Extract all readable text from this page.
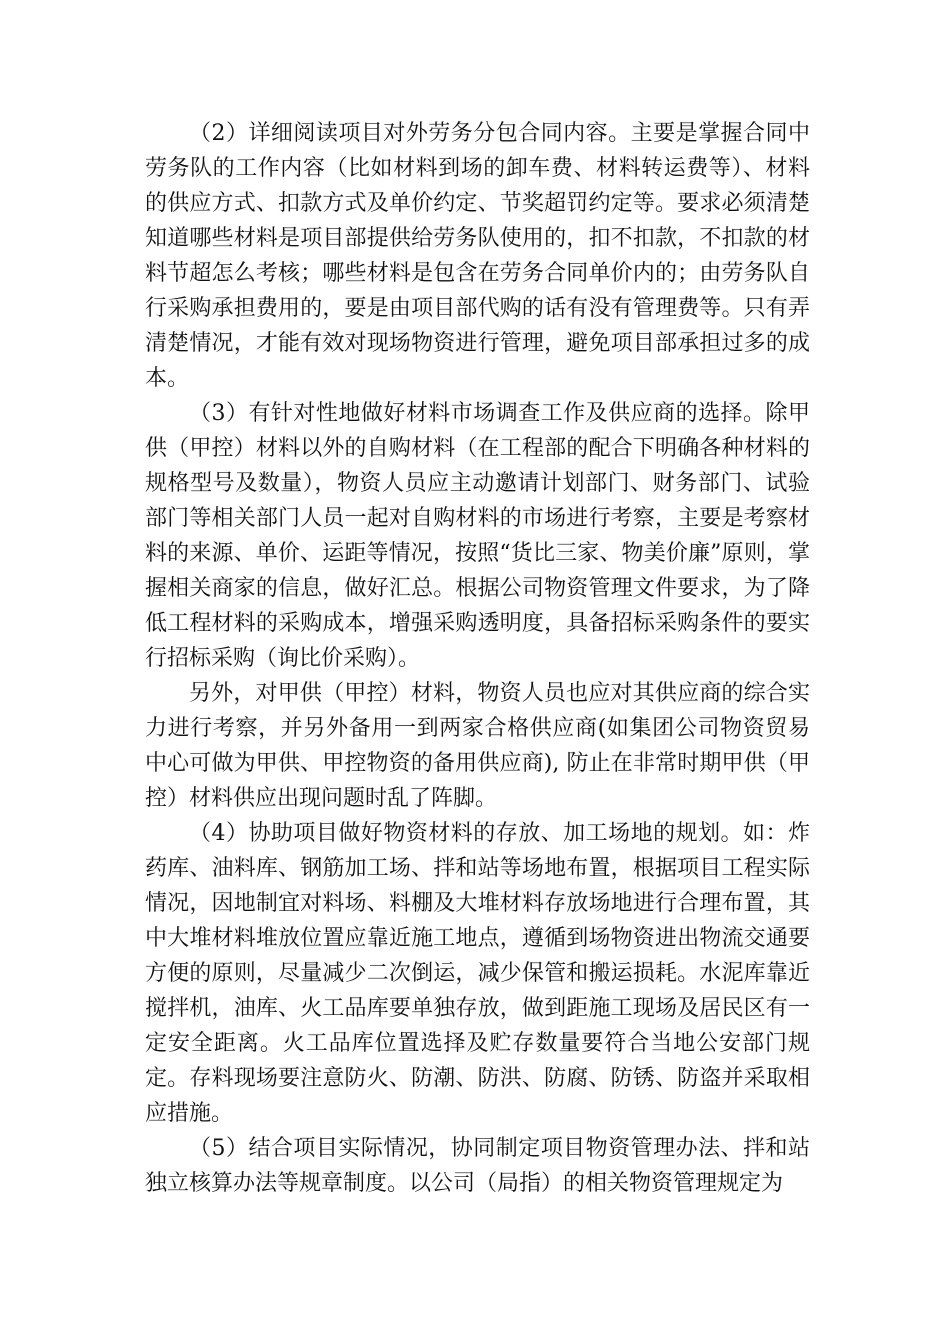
（2）详细阅读项目对外劳务分包合同内容。主要是掌握合同中劳务队的工作内容（比如材料到场的卸车费、材料转运费等）、材料的供应方式、扣款方式及单价约定、节奖超罚约定等。要求必须清楚知道哪些材料是项目部提供给劳务队使用的，扣不扣款，不扣款的材料节超怎么考核；哪些材料是包含在劳务合同单价内的；由劳务队自行采购承担费用的，要是由项目部代购的话有没有管理费等。只有弄清楚情况，才能有效对现场物资进行管理，避免项目部承担过多的成本。

（3）有针对性地做好材料市场调查工作及供应商的选择。除甲供（甲控）材料以外的自购材料（在工程部的配合下明确各种材料的规格型号及数量），物资人员应主动邀请计划部门、财务部门、试验部门等相关部门人员一起对自购材料的市场进行考察，主要是考察材料的来源、单价、运距等情况，按照“货比三家、物美价廉”原则，掌握相关商家的信息，做好汇总。根据公司物资管理文件要求，为了降低工程材料的采购成本，增强采购透明度，具备招标采购条件的要实行招标采购（询比价采购）。

另外，对甲供（甲控）材料，物资人员也应对其供应商的综合实力进行考察，并另外备用一到两家合格供应商(如集团公司物资贸易中心可做为甲供、甲控物资的备用供应商), 防止在非常时期甲供（甲控）材料供应出现问题时乱了阵脚。

（4）协助项目做好物资材料的存放、加工场地的规划。如：炸药库、油料库、钢筋加工场、拌和站等场地布置，根据项目工程实际情况，因地制宜对料场、料棚及大堆材料存放场地进行合理布置，其中大堆材料堆放位置应靠近施工地点，遵循到场物资进出物流交通要方便的原则，尽量减少二次倒运，减少保管和搬运损耗。水泥库靠近搅拌机，油库、火工品库要单独存放，做到距施工现场及居民区有一定安全距离。火工品库位置选择及贮存数量要符合当地公安部门规定。存料现场要注意防火、防潮、防洪、防腐、防锈、防盗并采取相应措施。

（5）结合项目实际情况，协同制定项目物资管理办法、拌和站独立核算办法等规章制度。以公司（局指）的相关物资管理规定为
